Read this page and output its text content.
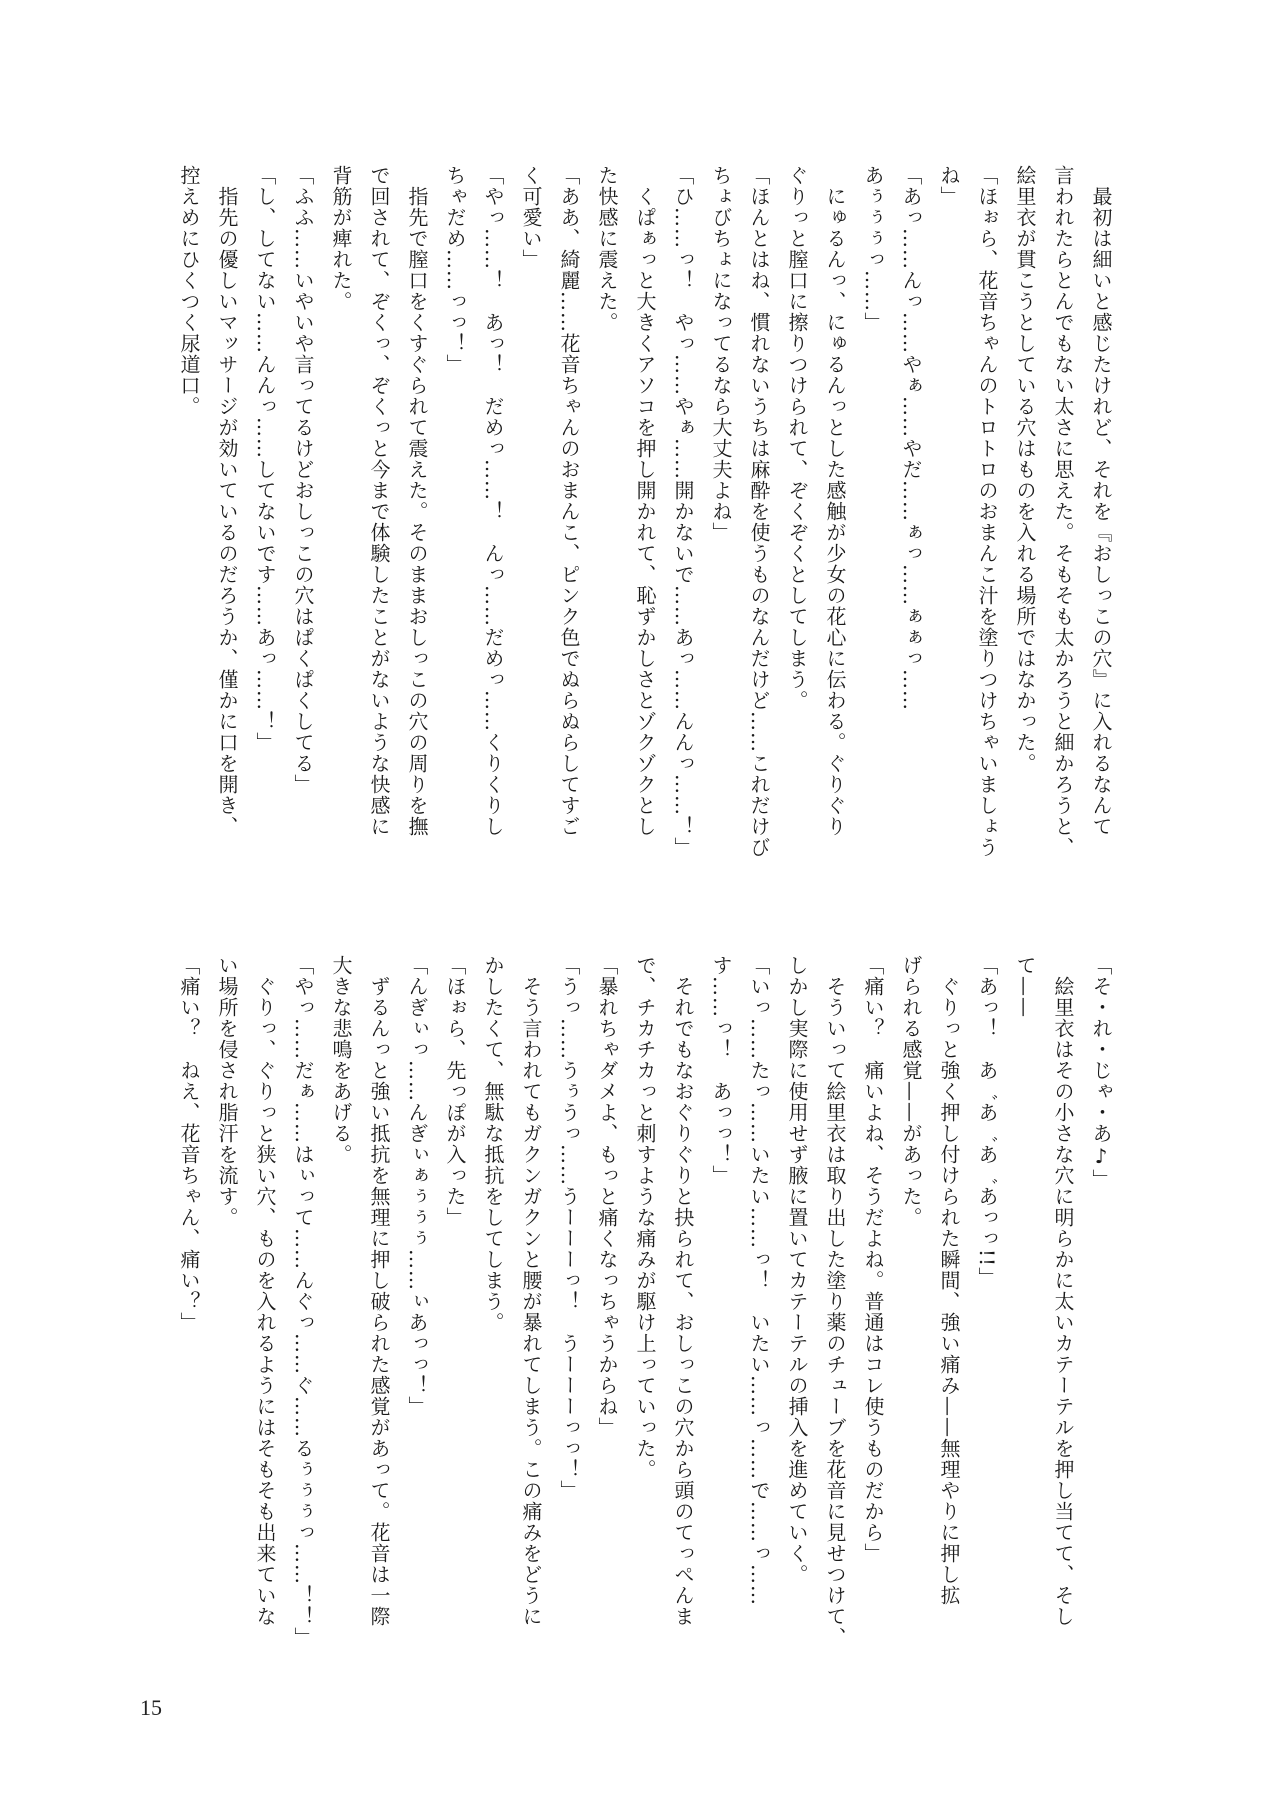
　最初は細いと感じたけれど、それを『おしっこの穴』に入れるなんて
言われたらとんでもない太さに思えた。そもそも太かろうと細かろうと、
絵里衣が貫こうとしている穴はものを入れる場所ではなかった。
「ほぉら、花音ちゃんのトロトロのおまんこ汁を塗りつけちゃいましょう
ね」
「あっ……んっ……やぁ……やだ……ぁっ……ぁぁっ……
あぅぅぅっ……」
　にゅるんっ、にゅるんっとした感触が少女の花心に伝わる。ぐりぐり
ぐりっと膣口に擦りつけられて、ぞくぞくとしてしまう。
「ほんとはね、慣れないうちは麻酔を使うものなんだけど……これだけび
ちょびちょになってるなら大丈夫よね」
「ひ……っ！　やっ……やぁ……開かないで……あっ……んんっ……！」
　くぱぁっと大きくアソコを押し開かれて、恥ずかしさとゾクゾクとし
た快感に震えた。
「ああ、綺麗……花音ちゃんのおまんこ、ピンク色でぬらぬらしてすご
く可愛い」
「やっ……！　あっ！　だめっ……！　んっ……だめっ……くりくりし
ちゃだめ……っっ！」
　指先で膣口をくすぐられて震えた。そのままおしっこの穴の周りを撫
で回されて、ぞくっ、ぞくっと今まで体験したことがないような快感に
背筋が痺れた。
「ふふ……いやいや言ってるけどおしっこの穴はぱくぱくしてる」
「し、してない……んんっ……してないです……あっ……！」
　指先の優しいマッサージが効いているのだろうか、僅かに口を開き、
控えめにひくつく尿道口。
「そ・れ・じゃ・あ♪」
　絵里衣はその小さな穴に明らかに太いカテーテルを押し当てて、そし
て——
「あっ！　あ゛あ゛あ゛あっっ!!」
　ぐりっと強く押し付けられた瞬間、強い痛み——無理やりに押し拡
げられる感覚——があった。
「痛い？　痛いよね、そうだよね。普通はコレ使うものだから」
　そういって絵里衣は取り出した塗り薬のチューブを花音に見せつけて、
しかし実際に使用せず腋に置いてカテーテルの挿入を進めていく。
「いっ……たっ……いたい……っ！　いたい……っ……で……っ……
す……っ！　あっっ！」
　それでもなおぐりぐりと抉られて、おしっこの穴から頭のてっぺんま
で、チカチカっと刺すような痛みが駆け上っていった。
「暴れちゃダメよ、もっと痛くなっちゃうからね」
「うっ……うぅうっ……うーーーっ！　うーーーっっ！」
　そう言われてもガクンガクンと腰が暴れてしまう。この痛みをどうに
かしたくて、無駄な抵抗をしてしまう。
「ほぉら、先っぽが入った」
「んぎぃっ……んぎぃぁぅぅぅ……ぃあっっ！」
　ずるんっと強い抵抗を無理に押し破られた感覚があって。花音は一際
大きな悲鳴をあげる。
「やっ……だぁ……はぃって……んぐっ……ぐ……るぅぅぅっ……！！」
　ぐりっ、ぐりっと狭い穴、ものを入れるようにはそもそも出来ていな
い場所を侵され脂汗を流す。
「痛い？　ねえ、花音ちゃん、痛い？」
15
